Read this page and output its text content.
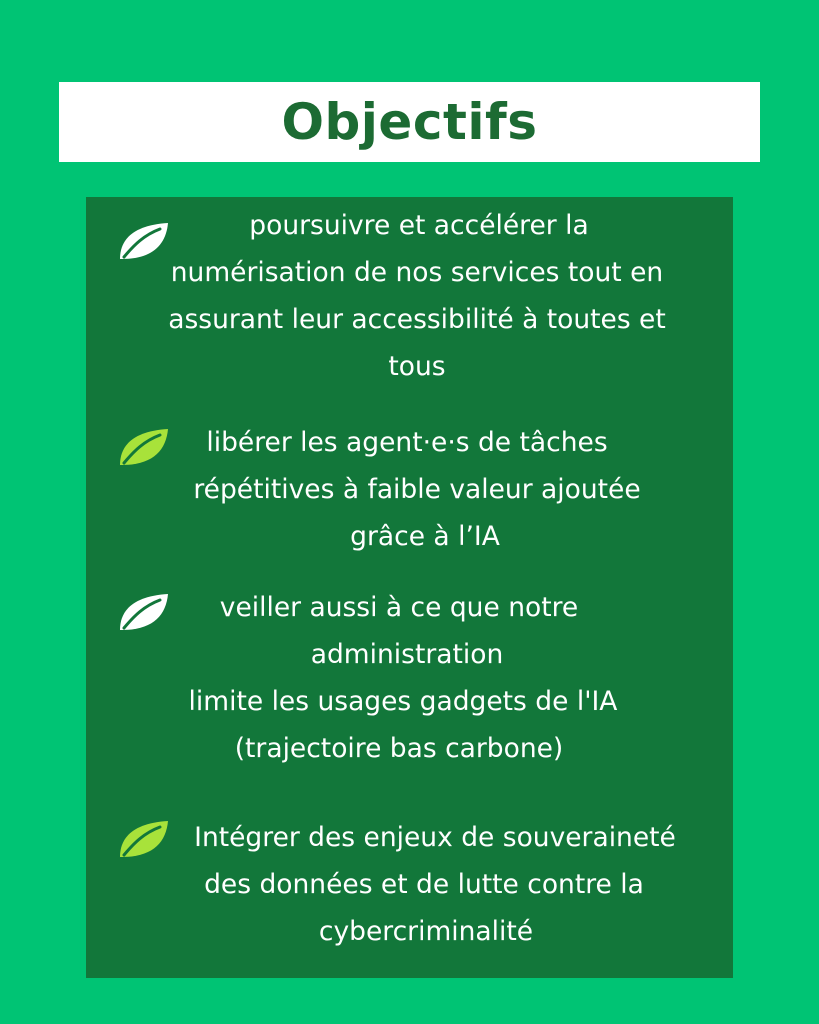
Objectifs
poursuivre et accélérer la
numérisation de nos services tout en
assurant leur accessibilité à toutes et
tous
libérer les agent·e·s de tâches
répétitives à faible valeur ajoutée
grâce à l’IA
veiller aussi à ce que notre
administration
limite les usages gadgets de l'IA
(trajectoire bas carbone)
Intégrer des enjeux de souveraineté
des données et de lutte contre la
cybercriminalité
